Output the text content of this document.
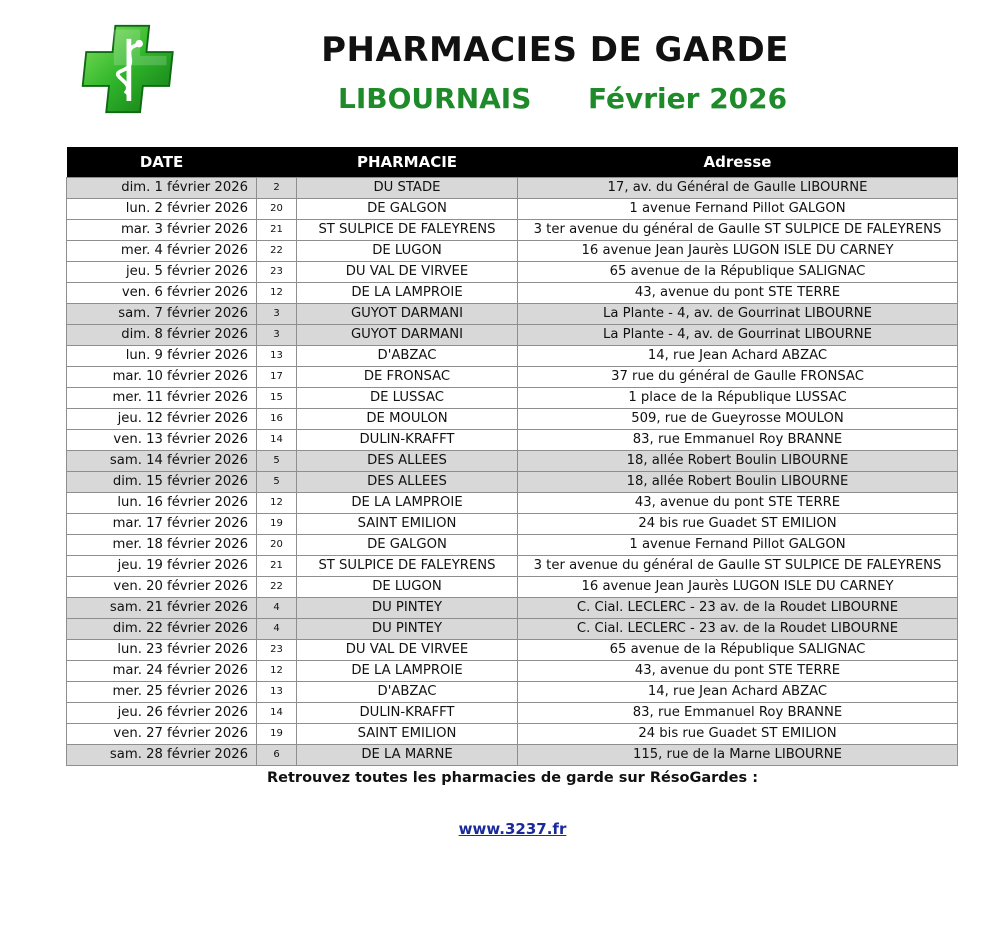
PHARMACIES DE GARDE
LIBOURNAIS Février 2026
DATE		PHARMACIE	Adresse
dim. 1 février 2026	2	DU STADE	17, av. du Général de Gaulle LIBOURNE
lun. 2 février 2026	20	DE GALGON	1 avenue Fernand Pillot GALGON
mar. 3 février 2026	21	ST SULPICE DE FALEYRENS	3 ter avenue du général de Gaulle ST SULPICE DE FALEYRENS
mer. 4 février 2026	22	DE LUGON	16 avenue Jean Jaurès LUGON ISLE DU CARNEY
jeu. 5 février 2026	23	DU VAL DE VIRVEE	65 avenue de la République SALIGNAC
ven. 6 février 2026	12	DE LA LAMPROIE	43, avenue du pont STE TERRE
sam. 7 février 2026	3	GUYOT DARMANI	La Plante - 4, av. de Gourrinat LIBOURNE
dim. 8 février 2026	3	GUYOT DARMANI	La Plante - 4, av. de Gourrinat LIBOURNE
lun. 9 février 2026	13	D'ABZAC	14, rue Jean Achard ABZAC
mar. 10 février 2026	17	DE FRONSAC	37 rue du général de Gaulle FRONSAC
mer. 11 février 2026	15	DE LUSSAC	1 place de la République LUSSAC
jeu. 12 février 2026	16	DE MOULON	509, rue de Gueyrosse MOULON
ven. 13 février 2026	14	DULIN-KRAFFT	83, rue Emmanuel Roy BRANNE
sam. 14 février 2026	5	DES ALLEES	18, allée Robert Boulin LIBOURNE
dim. 15 février 2026	5	DES ALLEES	18, allée Robert Boulin LIBOURNE
lun. 16 février 2026	12	DE LA LAMPROIE	43, avenue du pont STE TERRE
mar. 17 février 2026	19	SAINT EMILION	24 bis rue Guadet ST EMILION
mer. 18 février 2026	20	DE GALGON	1 avenue Fernand Pillot GALGON
jeu. 19 février 2026	21	ST SULPICE DE FALEYRENS	3 ter avenue du général de Gaulle ST SULPICE DE FALEYRENS
ven. 20 février 2026	22	DE LUGON	16 avenue Jean Jaurès LUGON ISLE DU CARNEY
sam. 21 février 2026	4	DU PINTEY	C. Cial. LECLERC - 23 av. de la Roudet LIBOURNE
dim. 22 février 2026	4	DU PINTEY	C. Cial. LECLERC - 23 av. de la Roudet LIBOURNE
lun. 23 février 2026	23	DU VAL DE VIRVEE	65 avenue de la République SALIGNAC
mar. 24 février 2026	12	DE LA LAMPROIE	43, avenue du pont STE TERRE
mer. 25 février 2026	13	D'ABZAC	14, rue Jean Achard ABZAC
jeu. 26 février 2026	14	DULIN-KRAFFT	83, rue Emmanuel Roy BRANNE
ven. 27 février 2026	19	SAINT EMILION	24 bis rue Guadet ST EMILION
sam. 28 février 2026	6	DE LA MARNE	115, rue de la Marne LIBOURNE
Retrouvez toutes les pharmacies de garde sur RésoGardes :
www.3237.fr
